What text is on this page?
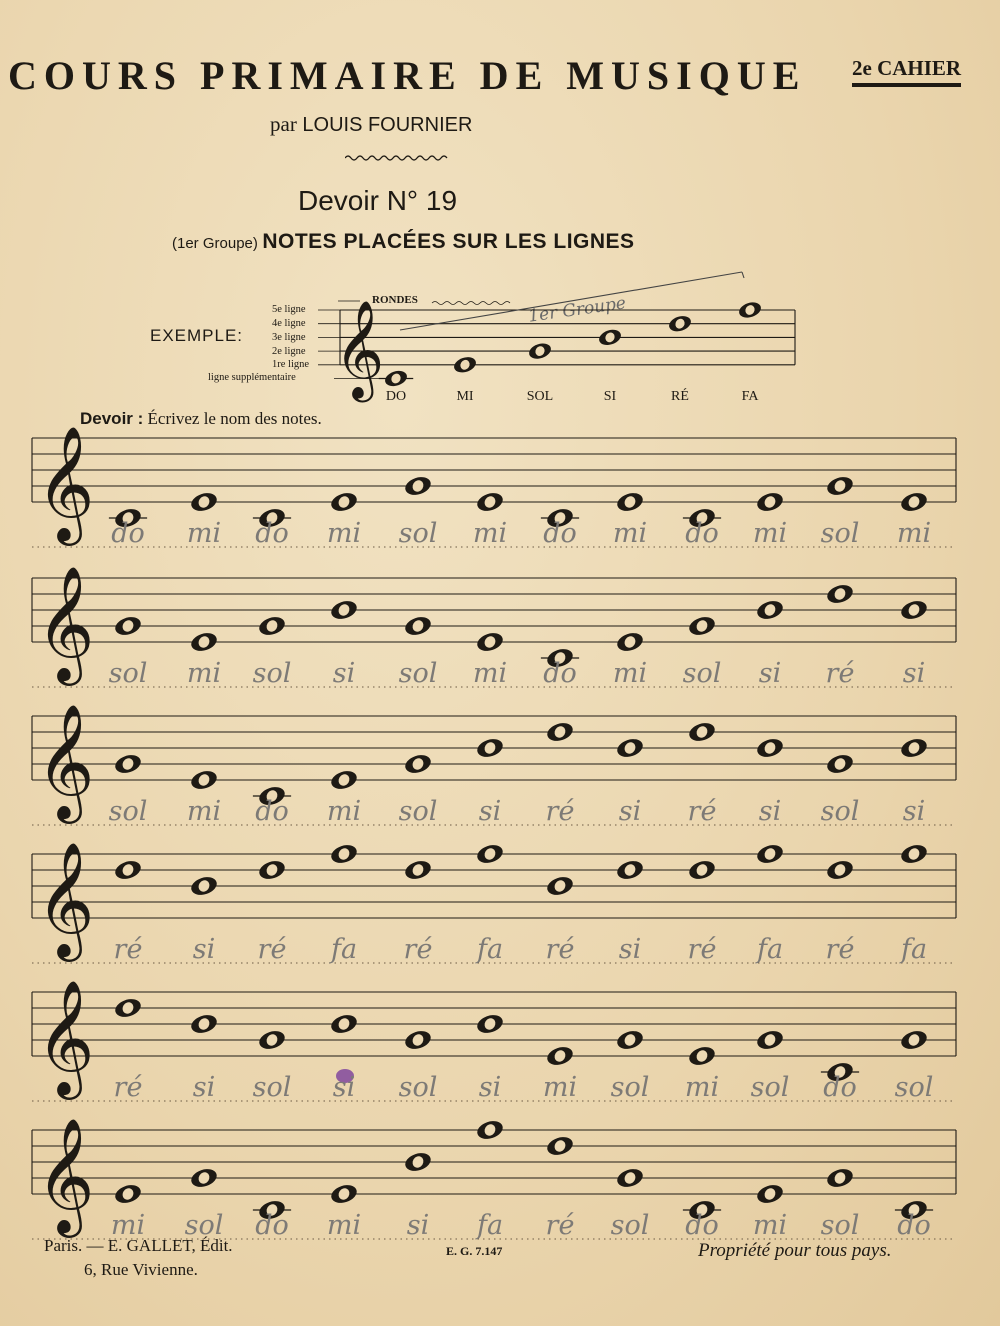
COURS PRIMAIRE DE MUSIQUE 2e CAHIER
par LOUIS FOURNIER
Devoir N° 19
(1er Groupe) NOTES PLACÉES SUR LES LIGNES
EXEMPLE:
5e ligne
4e ligne
3e ligne
2e ligne
1re ligne
ligne supplémentaire
RONDES	1er Groupe
DO	MI	SOL	SI	RÉ	FA
Devoir : Écrivez le nom des notes.
𝄞
𝄞
𝄞
𝄞
𝄞
𝄞
𝄞
do mi do mi sol mi do mi do mi sol mi
sol mi sol si sol mi do mi sol si ré si
sol mi do mi sol si ré si ré si sol si
ré si ré fa ré fa ré si ré fa ré fa
ré si sol si sol si mi sol mi sol do sol
mi sol do mi si fa ré sol do mi sol do
Paris. — E. GALLET, Édit.
6, Rue Vivienne.
E. G. 7.147	Propriété pour tous pays.
